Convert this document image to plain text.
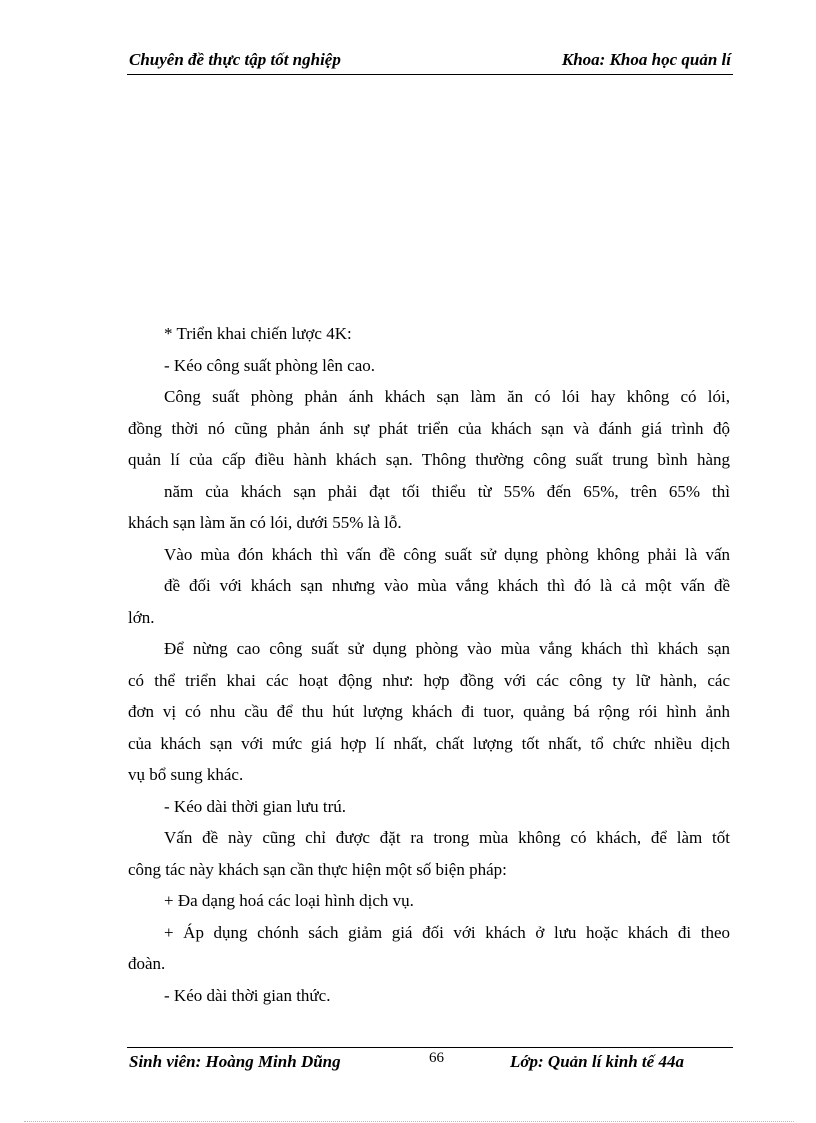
Chuyên đề thực tập tốt nghiệp	Khoa: Khoa học quản lí
* Triển khai chiến lược 4K:
- Kéo công suất phòng lên cao.
Công suất phòng phản ánh khách sạn làm ăn có lói hay không có lói,
đồng thời nó cũng phản ánh sự phát triển của khách sạn và đánh giá trình độ
quản lí của cấp điều hành khách sạn. Thông thường công suất trung bình hàng
năm của khách sạn phải đạt tối thiểu từ 55% đến 65%, trên 65% thì
khách sạn làm ăn có lói, dưới 55% là lỗ.
Vào mùa đón khách thì vấn đề công suất sử dụng phòng không phải là vấn
đề đối với khách sạn nhưng vào mùa vắng khách thì đó là cả một vấn đề
lớn.
Để nừng cao công suất sử dụng phòng vào mùa vắng khách thì khách sạn
có thể triển khai các hoạt động như: hợp đồng với các công ty lữ hành, các
đơn vị có nhu cầu để thu hút lượng khách đi tuor, quảng bá rộng rói hình ảnh
của khách sạn với mức giá hợp lí nhất, chất lượng tốt nhất, tổ chức nhiều dịch
vụ bổ sung khác.
- Kéo dài thời gian lưu trú.
Vấn đề này cũng chỉ được đặt ra trong mùa không có khách, để làm tốt
công tác này khách sạn cần thực hiện một số biện pháp:
+ Đa dạng hoá các loại hình dịch vụ.
+ Áp dụng chónh sách giảm giá đối với khách ở lưu hoặc khách đi theo
đoàn.
- Kéo dài thời gian thức.
Sinh viên: Hoàng Minh Dũng	66	Lớp: Quản lí kinh tế 44a
